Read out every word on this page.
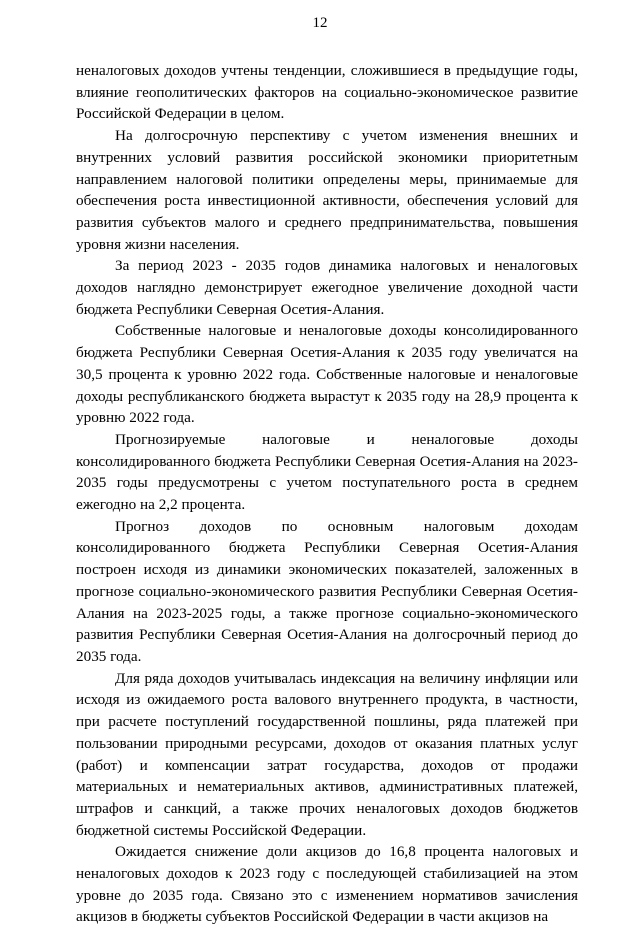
12

неналоговых доходов учтены тенденции, сложившиеся в предыдущие годы, влияние геополитических факторов на социально-экономическое развитие Российской Федерации в целом.

На долгосрочную перспективу с учетом изменения внешних и внутренних условий развития российской экономики приоритетным направлением налоговой политики определены меры, принимаемые для обеспечения роста инвестиционной активности, обеспечения условий для развития субъектов малого и среднего предпринимательства, повышения уровня жизни населения.

За период 2023 - 2035 годов динамика налоговых и неналоговых доходов наглядно демонстрирует ежегодное увеличение доходной части бюджета Республики Северная Осетия-Алания.

Собственные налоговые и неналоговые доходы консолидированного бюджета Республики Северная Осетия-Алания к 2035 году увеличатся на 30,5 процента к уровню 2022 года. Собственные налоговые и неналоговые доходы республиканского бюджета вырастут к 2035 году на 28,9 процента к уровню 2022 года.

Прогнозируемые налоговые и неналоговые доходы консолидированного бюджета Республики Северная Осетия-Алания на 2023-2035 годы предусмотрены с учетом поступательного роста в среднем ежегодно на 2,2 процента.

Прогноз доходов по основным налоговым доходам консолидированного бюджета Республики Северная Осетия-Алания построен исходя из динамики экономических показателей, заложенных в прогнозе социально-экономического развития Республики Северная Осетия-Алания на 2023-2025 годы, а также прогнозе социально-экономического развития Республики Северная Осетия-Алания на долгосрочный период до 2035 года.

Для ряда доходов учитывалась индексация на величину инфляции или исходя из ожидаемого роста валового внутреннего продукта, в частности, при расчете поступлений государственной пошлины, ряда платежей при пользовании природными ресурсами, доходов от оказания платных услуг (работ) и компенсации затрат государства, доходов от продажи материальных и нематериальных активов, административных платежей, штрафов и санкций, а также прочих неналоговых доходов бюджетов бюджетной системы Российской Федерации.

Ожидается снижение доли акцизов до 16,8 процента налоговых и неналоговых доходов к 2023 году с последующей стабилизацией на этом уровне до 2035 года. Связано это с изменением нормативов зачисления акцизов в бюджеты субъектов Российской Федерации в части акцизов на
